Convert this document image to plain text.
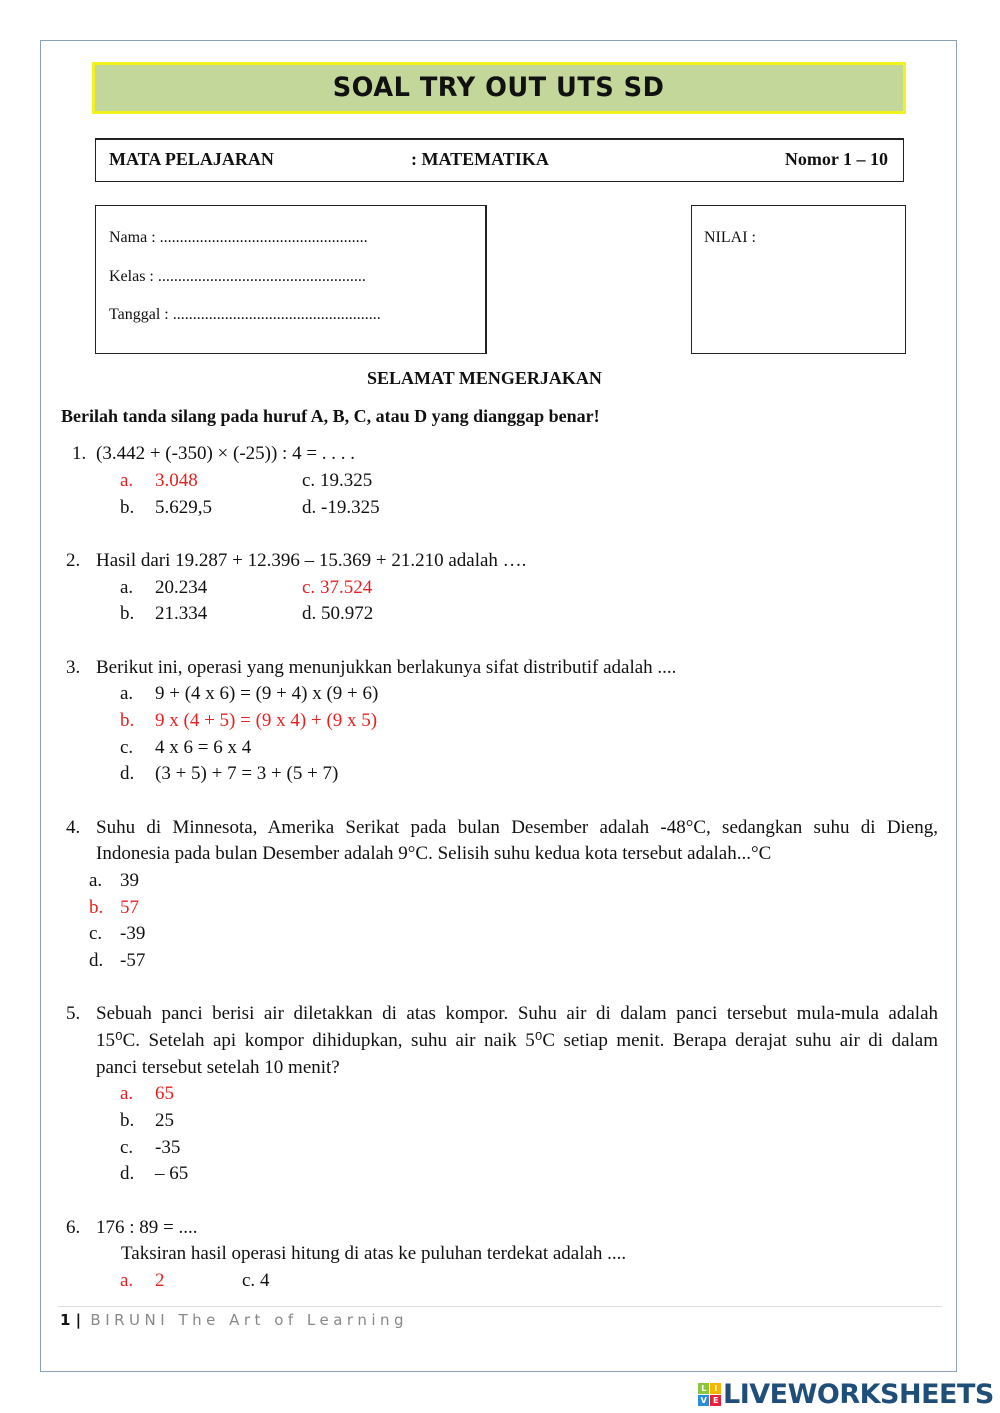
SOAL TRY OUT UTS SD
MATA PELAJARAN	: MATEMATIKA	Nomor 1 – 10
Nama : ....................................................
Kelas : ....................................................
Tanggal : ....................................................
NILAI :
SELAMAT MENGERJAKAN
Berilah tanda silang pada huruf A, B, C, atau D yang dianggap benar!
1. (3.442 + (-350) × (-25)) : 4 = . . . .
a. 3.048	c. 19.325
b. 5.629,5	d. -19.325
2. Hasil dari 19.287 + 12.396 – 15.369 + 21.210 adalah ….
a. 20.234	c. 37.524
b. 21.334	d. 50.972
3. Berikut ini, operasi yang menunjukkan berlakunya sifat distributif adalah ....
a. 9 + (4 x 6) = (9 + 4) x (9 + 6)
b. 9 x (4 + 5) = (9 x 4) + (9 x 5)
c. 4 x 6 = 6 x 4
d. (3 + 5) + 7 = 3 + (5 + 7)
4. Suhu di Minnesota, Amerika Serikat pada bulan Desember adalah -48°C, sedangkan suhu di Dieng,
Indonesia pada bulan Desember adalah 9°C. Selisih suhu kedua kota tersebut adalah...°C
a. 39
b. 57
c. -39
d. -57
5. Sebuah panci berisi air diletakkan di atas kompor. Suhu air di dalam panci tersebut mula-mula adalah
15⁰C. Setelah api kompor dihidupkan, suhu air naik 5⁰C setiap menit. Berapa derajat suhu air di dalam
panci tersebut setelah 10 menit?
a. 65
b. 25
c. -35
d. – 65
6. 176 : 89 = ....
Taksiran hasil operasi hitung di atas ke puluhan terdekat adalah ....
a. 2	c. 4
1 | BIRUNI The Art of Learning
L	I
V E LIVEWORKSHEETS
